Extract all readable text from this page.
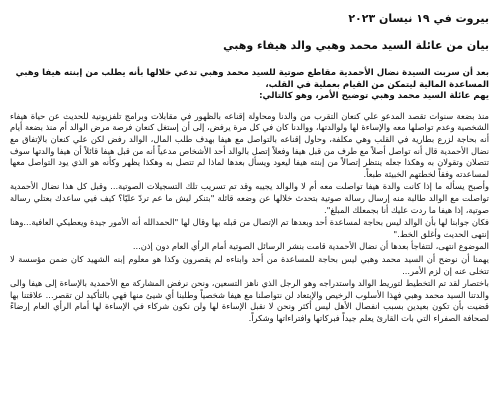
بيروت في ١٩ نيسان ٢٠٢٣
بيان من عائلة السيد محمد وهبي والد هيفاء وهبي

بعد أن سربت السيدة نضال الأحمدية مقاطع صوتية للسيد محمد وهبي تدعي خلالها بأنه يطلب من إبنته هيفا وهبي

المساعدة المالية ليتمكن من القيام بعملية في القلب،

يهم عائلة السيد محمد وهبي توضيح الأمر، وهو كالتالي:

منذ بضعة سنوات تقصد المدعو علي كنعان التقرب من والدنا ومحاولة إقناعه بالظهور في مقابلات وبرامج تلفزيونية للحديث عن حياة هيفاء الشخصية وعدم تواصلها معه والإساءة لها ولوالدتها، ووالدنا كان في كل مرة يرفض، إلى أن إستغل كنعان فرصة مرض الوالد أم منذ بضعة أيام أنه بحاجة لزرع بطارية في القلب وهي مكلفة، وحاول إقناعه بالتواصل مع هيفا بهدف طلب المال، الوالد رفض لكن علي كنعان بالإتفاق مع نضال الأحمدية قال أنه تواصل أصلاً مع طرف من قبل هيفا وفعلاً إتصل بالوالد أحد الأشخاص مدعياً أنه من قبل هيفا قائلاً أن هيفا والدتها سوف تتصلان وتقولان به وهكذا جعله ينتظر إتصالاً من إبنته هيفا ليعود ويسأل بعدها لماذا لم تتصل به وهكذا يظهر وكأنه هو الذي يود التواصل معها لمساعدته وفقاً لخطتهم الخبيثة طبعاً.

وأصبح يسأله ما إذا كانت والدة هيفا تواصلت معه أم لا والوالد يجيبه وقد تم تسريب تلك التسجيلات الصوتية... وقبل كل هذا نضال الأحمدية تواصلت مع الوالد طالبة منه إرسال رسالة صوتية بتحدث خلالها عن وضعه قائلة "بتنكر ليش ما عم تردّ عليّا؟ كيف فيي ساعدك بعتلي رسالة صوتية، إذا هيفا ما ردت عليك أنا بجمعلك المبلغ".

فكان جوابنا لها بأن الوالد ليس بحاجة لمساعدة أحد وبعدها تم الإتصال من قبله بها وقال لها "الحمدالله أنه الأمور جيدة ويعطيكي العافية...وهنا إنتهى الحديث وأغلق الخط."

الموضوع انتهى، لتتفاجأ بعدها أن نضال الأحمدية قامت بنشر الرسائل الصوتية أمام الرأي العام دون إذن...

يهمنا أن نوضح أن السيد محمد وهبي ليس بحاجة للمساعدة من أحد وابناءه لم يقصرون وكذا هو معلوم إبنه الشهيد كان ضمن مؤسسة لا تتخلى عنه إن لزم الأمر...

باختصار لقد تم التخطيط لتوريط الوالد واستدراجه وهو الرجل الذي ناهز التسعين، ونحن نرفض المشاركة مع الأحمدية بالإساءة إلى هيفا والى والدتنا السيد محمد وهبي فهذا الأسلوب الرخيص والإبتعاد لن نتواصلنا مع هيفا شخصياً وطلبنا أي شيئ منها فهي بالتأكيد لن تقصر... علاقتنا بها قضيت بأن تكون بعيدين بسبب انفصال الأهل ليس أكثر ونحن لا نقبل الإساءة لها ولن نكون شركاء في الإساءة لها أمام الرأي العام إرضاءً لصحافة الصفراء التي بات القارئ يعلم جيداً فبركاتها وافتراءاتها وشكراً.
